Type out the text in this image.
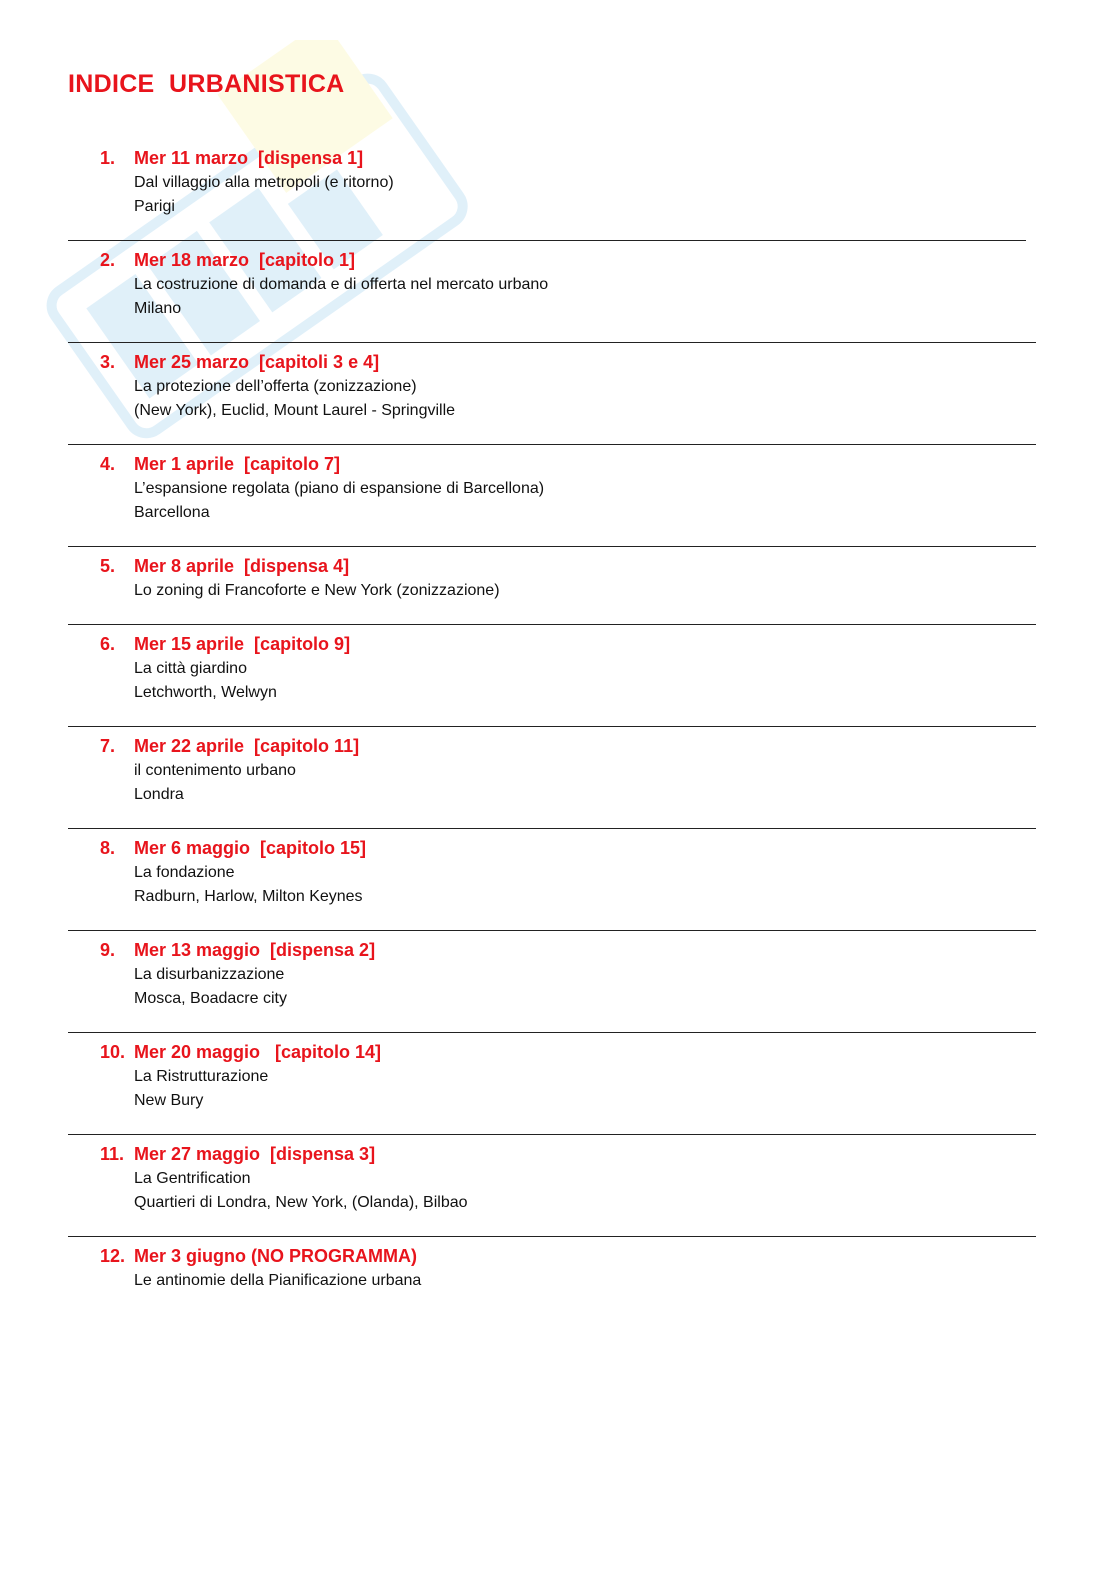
INDICE  URBANISTICA
1. Mer 11 marzo  [dispensa 1]
Dal villaggio alla metropoli (e ritorno)
Parigi
2. Mer 18 marzo  [capitolo 1]
La costruzione di domanda e di offerta nel mercato urbano
Milano
3. Mer 25 marzo  [capitoli 3 e 4]
La protezione dell’offerta (zonizzazione)
(New York), Euclid, Mount Laurel - Springville
4. Mer 1 aprile  [capitolo 7]
L’espansione regolata (piano di espansione di Barcellona)
Barcellona
5. Mer 8 aprile  [dispensa 4]
Lo zoning di Francoforte e New York (zonizzazione)
6. Mer 15 aprile  [capitolo 9]
La città giardino
Letchworth, Welwyn
7. Mer 22 aprile  [capitolo 11]
il contenimento urbano
Londra
8. Mer 6 maggio  [capitolo 15]
La fondazione
Radburn, Harlow, Milton Keynes
9. Mer 13 maggio  [dispensa 2]
La disurbanizzazione
Mosca, Boadacre city
10. Mer 20 maggio   [capitolo 14]
La Ristrutturazione
New Bury
11. Mer 27 maggio  [dispensa 3]
La Gentrification
Quartieri di Londra, New York, (Olanda), Bilbao
12. Mer 3 giugno (NO PROGRAMMA)
Le antinomie della Pianificazione urbana
